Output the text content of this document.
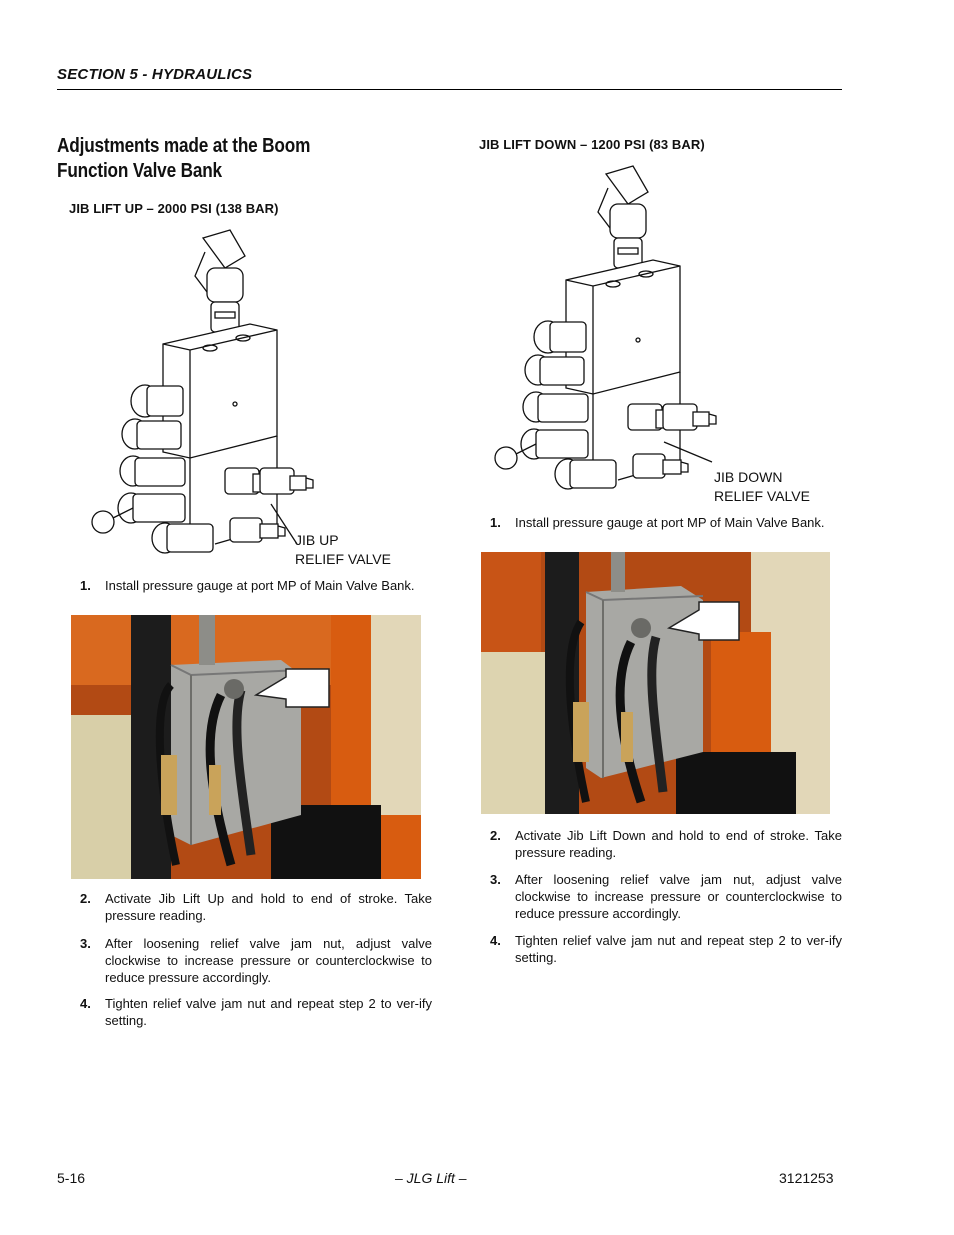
SECTION 5 - HYDRAULICS
Adjustments made at the Boom Function Valve Bank
JIB LIFT UP – 2000 PSI (138 BAR)
JIB UP
RELIEF VALVE
1. Install pressure gauge at port MP of Main Valve Bank.
2. Activate Jib Lift Up and hold to end of stroke. Take pressure reading.
3. After loosening relief valve jam nut, adjust valve clockwise to increase pressure or counterclockwise to reduce pressure accordingly.
4. Tighten relief valve jam nut and repeat step 2 to ver-ify setting.
JIB LIFT DOWN – 1200 PSI (83 BAR)
JIB DOWN
RELIEF VALVE
1. Install pressure gauge at port MP of Main Valve Bank.
2. Activate Jib Lift Down and hold to end of stroke. Take pressure reading.
3. After loosening relief valve jam nut, adjust valve clockwise to increase pressure or counterclockwise to reduce pressure accordingly.
4. Tighten relief valve jam nut and repeat step 2 to ver-ify setting.
5-16	– JLG Lift –	3121253
